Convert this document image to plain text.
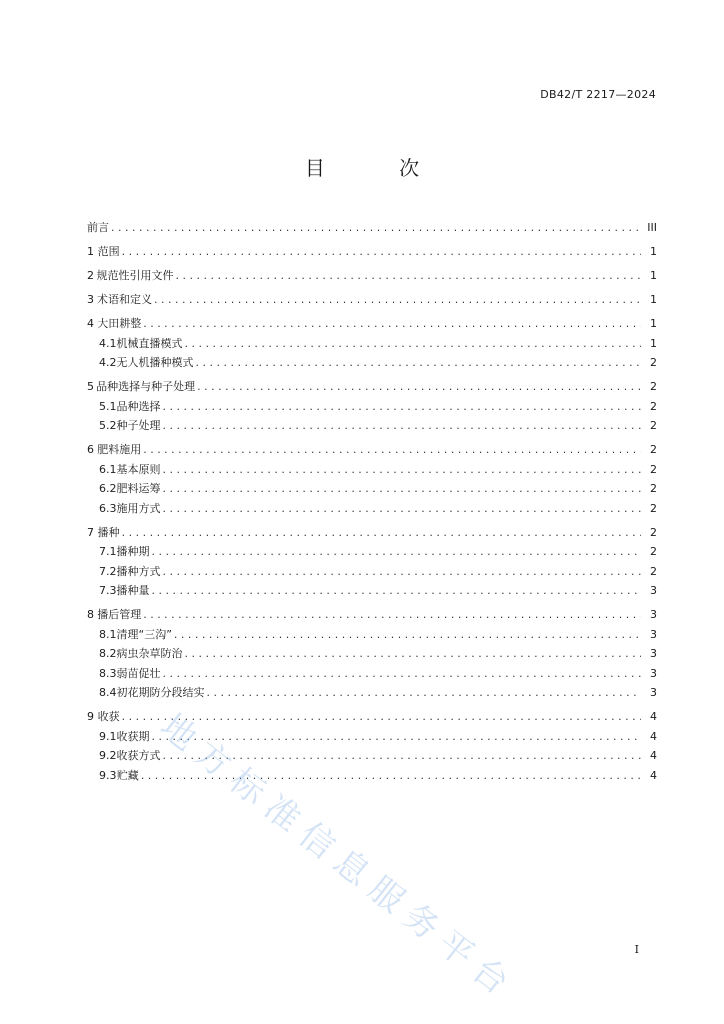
DB42/T 2217—2024
目 次
前言 . . .	III
1 范围 . . .	1
2 规范性引用文件 . . .	1
3 术语和定义 . . .	1
4 大田耕整 . . .	1
4.1 机械直播模式 . . .	1
4.2 无人机播种模式 . . .	2
5 品种选择与种子处理 . . .	2
5.1 品种选择 . . .	2
5.2 种子处理 . . .	2
6 肥料施用 . . .	2
6.1 基本原则 . . .	2
6.2 肥料运筹 . . .	2
6.3 施用方式 . . .	2
7 播种 . . .	2
7.1 播种期 . . .	2
7.2 播种方式 . . .	2
7.3 播种量 . . .	3
8 播后管理 . . .	3
8.1 清理“三沟” . . .	3
8.2 病虫杂草防治 . . .	3
8.3 弱苗促壮 . . .	3
8.4 初花期防分段结实 . . .	3
9 收获 . . .	4
9.1 收获期 . . .	4
9.2 收获方式 . . .	4
9.3 贮藏 . . .	4
地方标准信息服务平台	I
